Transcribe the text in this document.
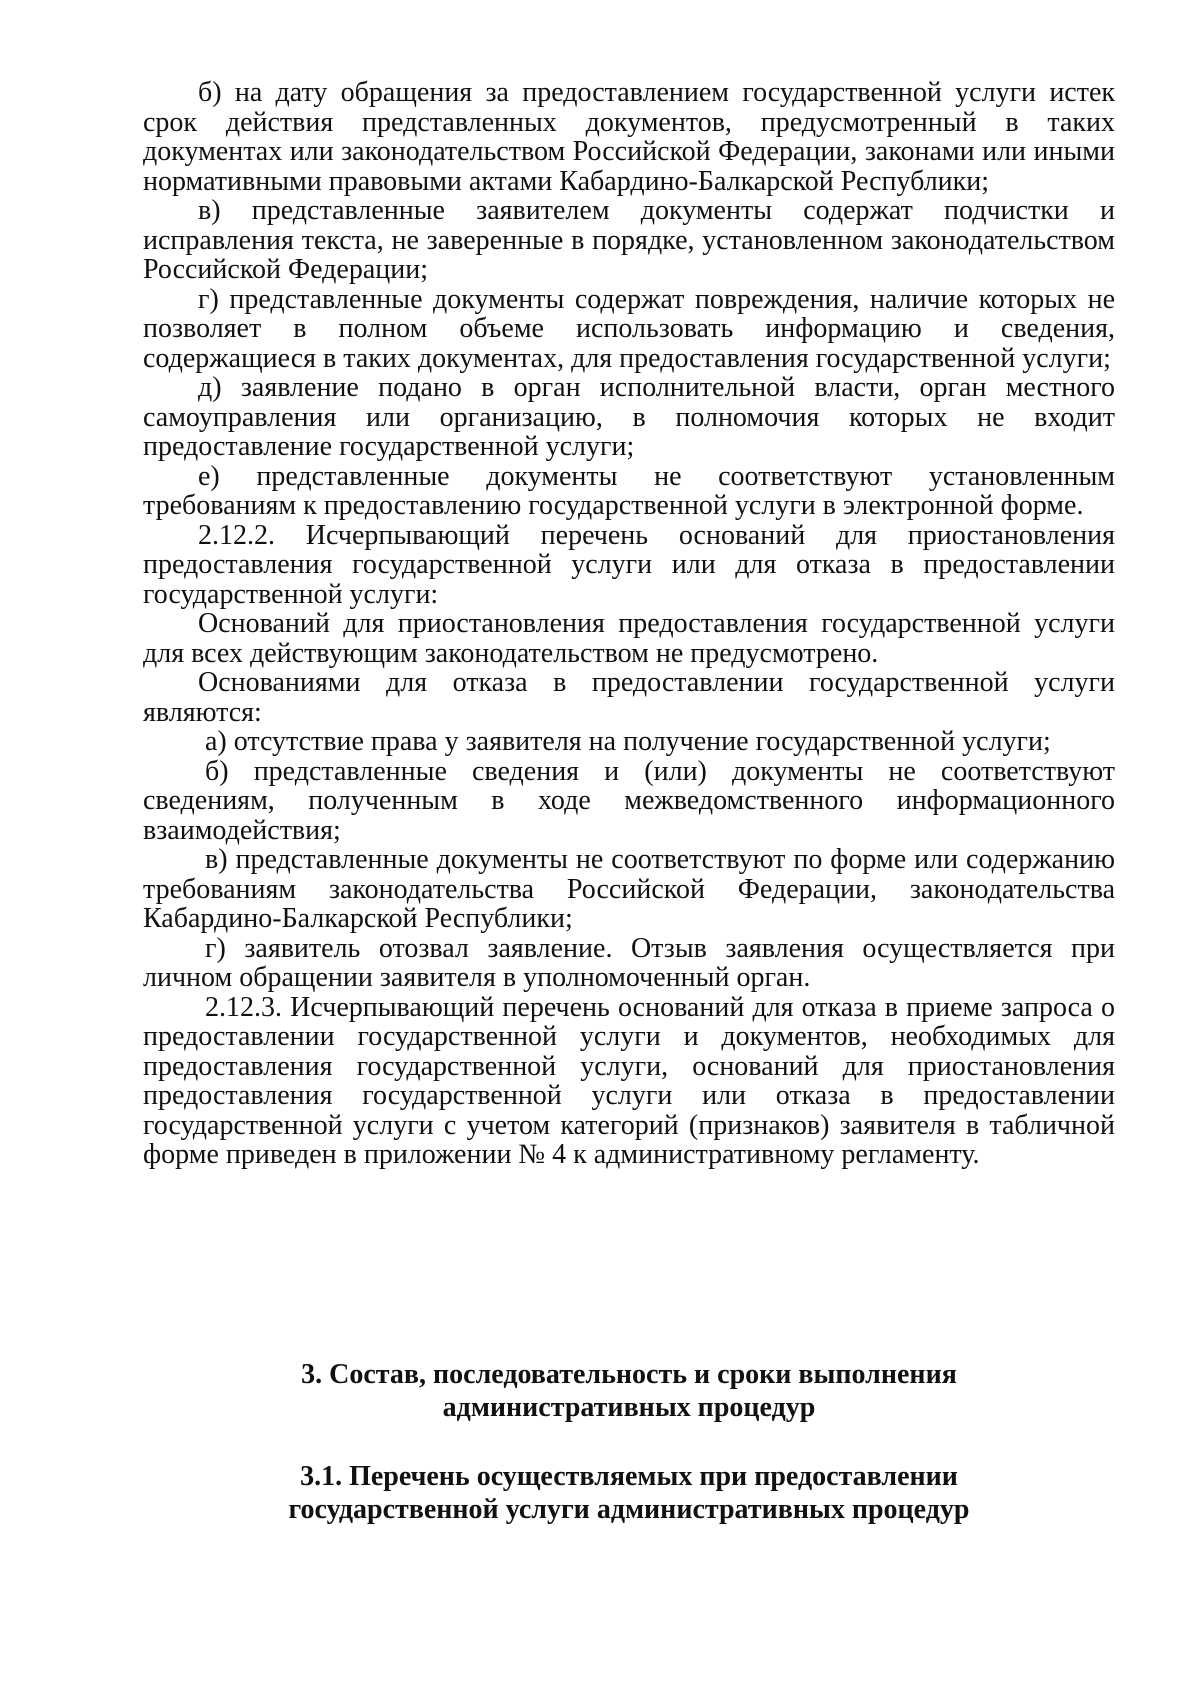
б) на дату обращения за предоставлением государственной услуги истек срок действия представленных документов, предусмотренный в таких документах или законодательством Российской Федерации, законами или иными нормативными правовыми актами Кабардино-Балкарской Республики;

в) представленные заявителем документы содержат подчистки и исправления текста, не заверенные в порядке, установленном законодательством Российской Федерации;

г) представленные документы содержат повреждения, наличие которых не позволяет в полном объеме использовать информацию и сведения, содержащиеся в таких документах, для предоставления государственной услуги;

д) заявление подано в орган исполнительной власти, орган местного самоуправления или организацию, в полномочия которых не входит предоставление государственной услуги;

е) представленные документы не соответствуют установленным требованиям к предоставлению государственной услуги в электронной форме.

2.12.2. Исчерпывающий перечень оснований для приостановления предоставления государственной услуги или для отказа в предоставлении государственной услуги:

Оснований для приостановления предоставления государственной услуги для всех действующим законодательством не предусмотрено.

Основаниями для отказа в предоставлении государственной услуги являются:

а) отсутствие права у заявителя на получение государственной услуги;

б) представленные сведения и (или) документы не соответствуют сведениям, полученным в ходе межведомственного информационного взаимодействия;

в) представленные документы не соответствуют по форме или содержанию требованиям законодательства Российской Федерации, законодательства Кабардино-Балкарской Республики;

г) заявитель отозвал заявление. Отзыв заявления осуществляется при личном обращении заявителя в уполномоченный орган.

2.12.3. Исчерпывающий перечень оснований для отказа в приеме запроса о предоставлении государственной услуги и документов, необходимых для предоставления государственной услуги, оснований для приостановления предоставления государственной услуги или отказа в предоставлении государственной услуги с учетом категорий (признаков) заявителя в табличной форме приведен в приложении № 4 к административному регламенту.

3. Состав, последовательность и сроки выполнения
административных процедур
3.1. Перечень осуществляемых при предоставлении
государственной услуги административных процедур
